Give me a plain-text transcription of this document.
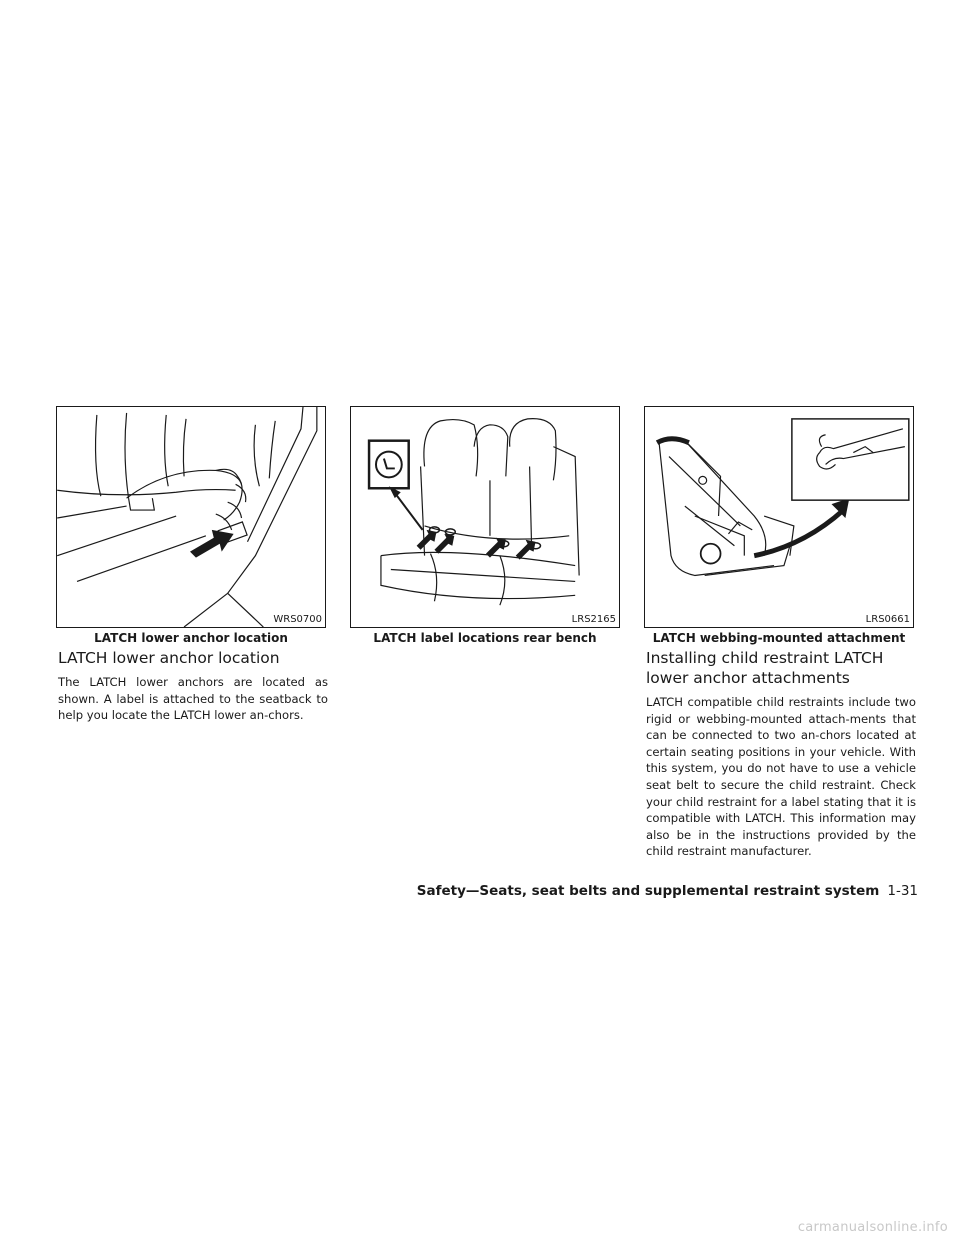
WRS0700
LATCH lower anchor location
LRS2165
LATCH label locations rear bench
LRS0661
LATCH webbing-mounted attachment
LATCH lower anchor location

The LATCH lower anchors are located as shown. A label is attached to the seatback to help you locate the LATCH lower an-chors.

Installing child restraint LATCH
lower anchor attachments

LATCH compatible child restraints include two rigid or webbing-mounted attach-ments that can be connected to two an-chors located at certain seating positions in your vehicle. With this system, you do not have to use a vehicle seat belt to secure the child restraint. Check your child restraint for a label stating that it is compatible with LATCH. This information may also be in the instructions provided by the child restraint manufacturer.

Safety—Seats, seat belts and supplemental restraint system 1-31
carmanualsonline.info
